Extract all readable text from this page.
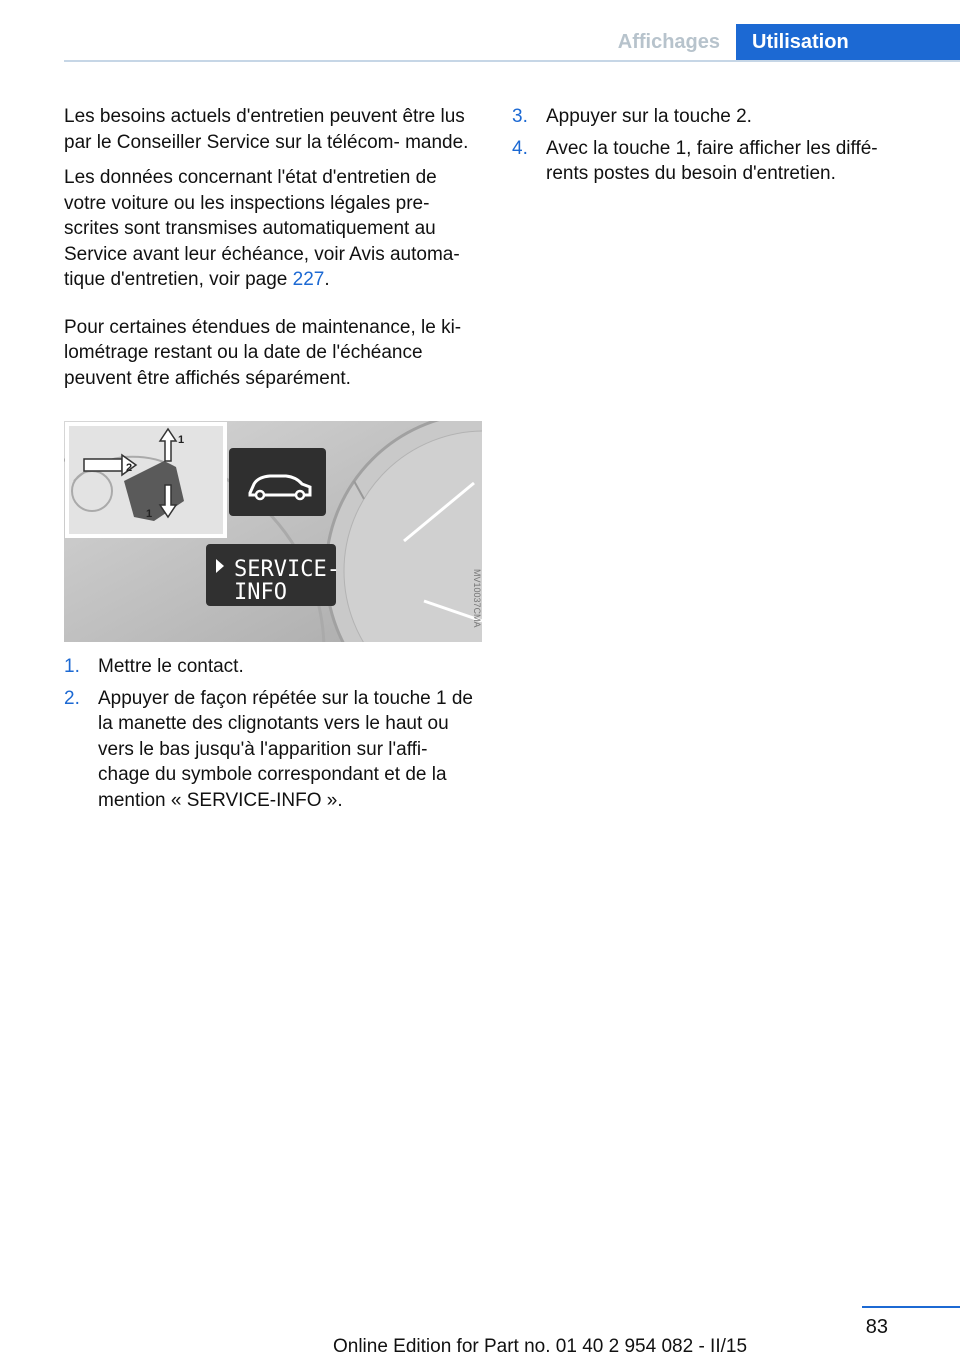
Affichages	Utilisation

Les besoins actuels d'entretien peuvent être lus par le Conseiller Service sur la télécom‐ mande.

Les données concernant l'état d'entretien de votre voiture ou les inspections légales pre‐ scrites sont transmises automatiquement au Service avant leur échéance, voir Avis automa‐ tique d'entretien, voir page 227.

Pour certaines étendues de maintenance, le ki‐ lométrage restant ou la date de l'échéance peuvent être affichés séparément.

SERVICE-
INFO
1
2
1
MV10037CMA
1. Mettre le contact.
2. Appuyer de façon répétée sur la touche 1 de la manette des clignotants vers le haut ou vers le bas jusqu'à l'apparition sur l'affi‐ chage du symbole correspondant et de la mention « SERVICE-INFO ».
3. Appuyer sur la touche 2.
4. Avec la touche 1, faire afficher les diffé‐ rents postes du besoin d'entretien.
83
Online Edition for Part no. 01 40 2 954 082 - II/15
